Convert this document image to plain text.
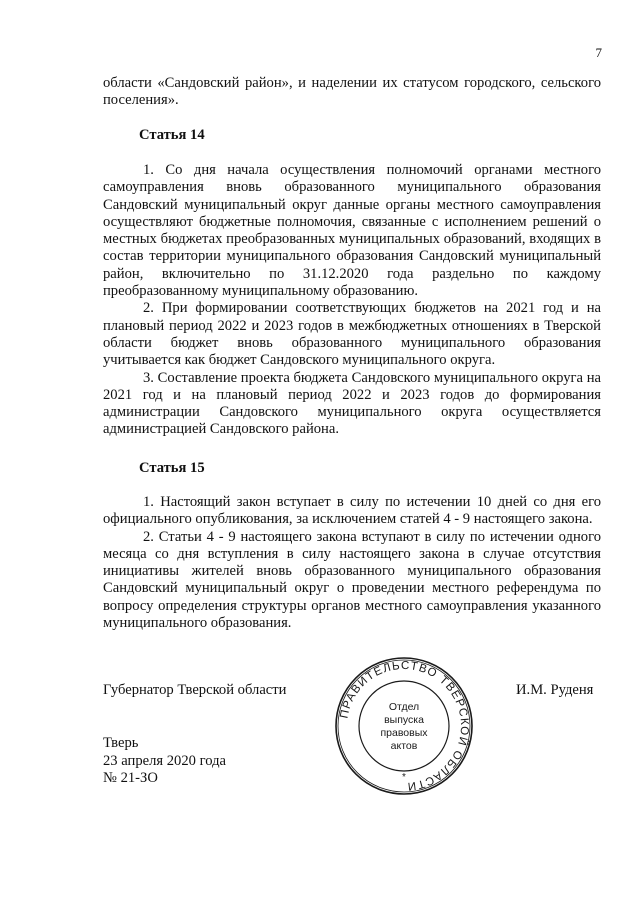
7

области «Сандовский район», и наделении их статусом городского, сельского поселения».

Статья 14

1. Со дня начала осуществления полномочий органами местного самоуправления вновь образованного муниципального образования Сандовский муниципальный округ данные органы местного самоуправления осуществляют бюджетные полномочия, связанные с исполнением решений о местных бюджетах преобразованных муниципальных образований, входящих в состав территории муниципального образования Сандовский муниципальный район, включительно по 31.12.2020 года раздельно по каждому преобразованному муниципальному образованию.

2. При формировании соответствующих бюджетов на 2021 год и на плановый период 2022 и 2023 годов в межбюджетных отношениях в Тверской области бюджет вновь образованного муниципального образования учитывается как бюджет Сандовского муниципального округа.

3. Составление проекта бюджета Сандовского муниципального округа на 2021 год и на плановый период 2022 и 2023 годов до формирования администрации Сандовского муниципального округа осуществляется администрацией Сандовского района.

Статья 15

1. Настоящий закон вступает в силу по истечении 10 дней со дня его официального опубликования, за исключением статей 4 - 9 настоящего закона.

2. Статьи 4 - 9 настоящего закона вступают в силу по истечении одного месяца со дня вступления в силу настоящего закона в случае отсутствия инициативы жителей вновь образованного муниципального образования Сандовский муниципальный округ о проведении местного референдума по вопросу определения структуры органов местного самоуправления указанного муниципального образования.

Губернатор Тверской области	И.М. Руденя
ПРАВИТЕЛЬСТВО ТВЕРСКОЙ ОБЛАСТИ
Отдел
выпуска
правовых
актов
*
Тверь
23 апреля 2020 года
№ 21-ЗО
